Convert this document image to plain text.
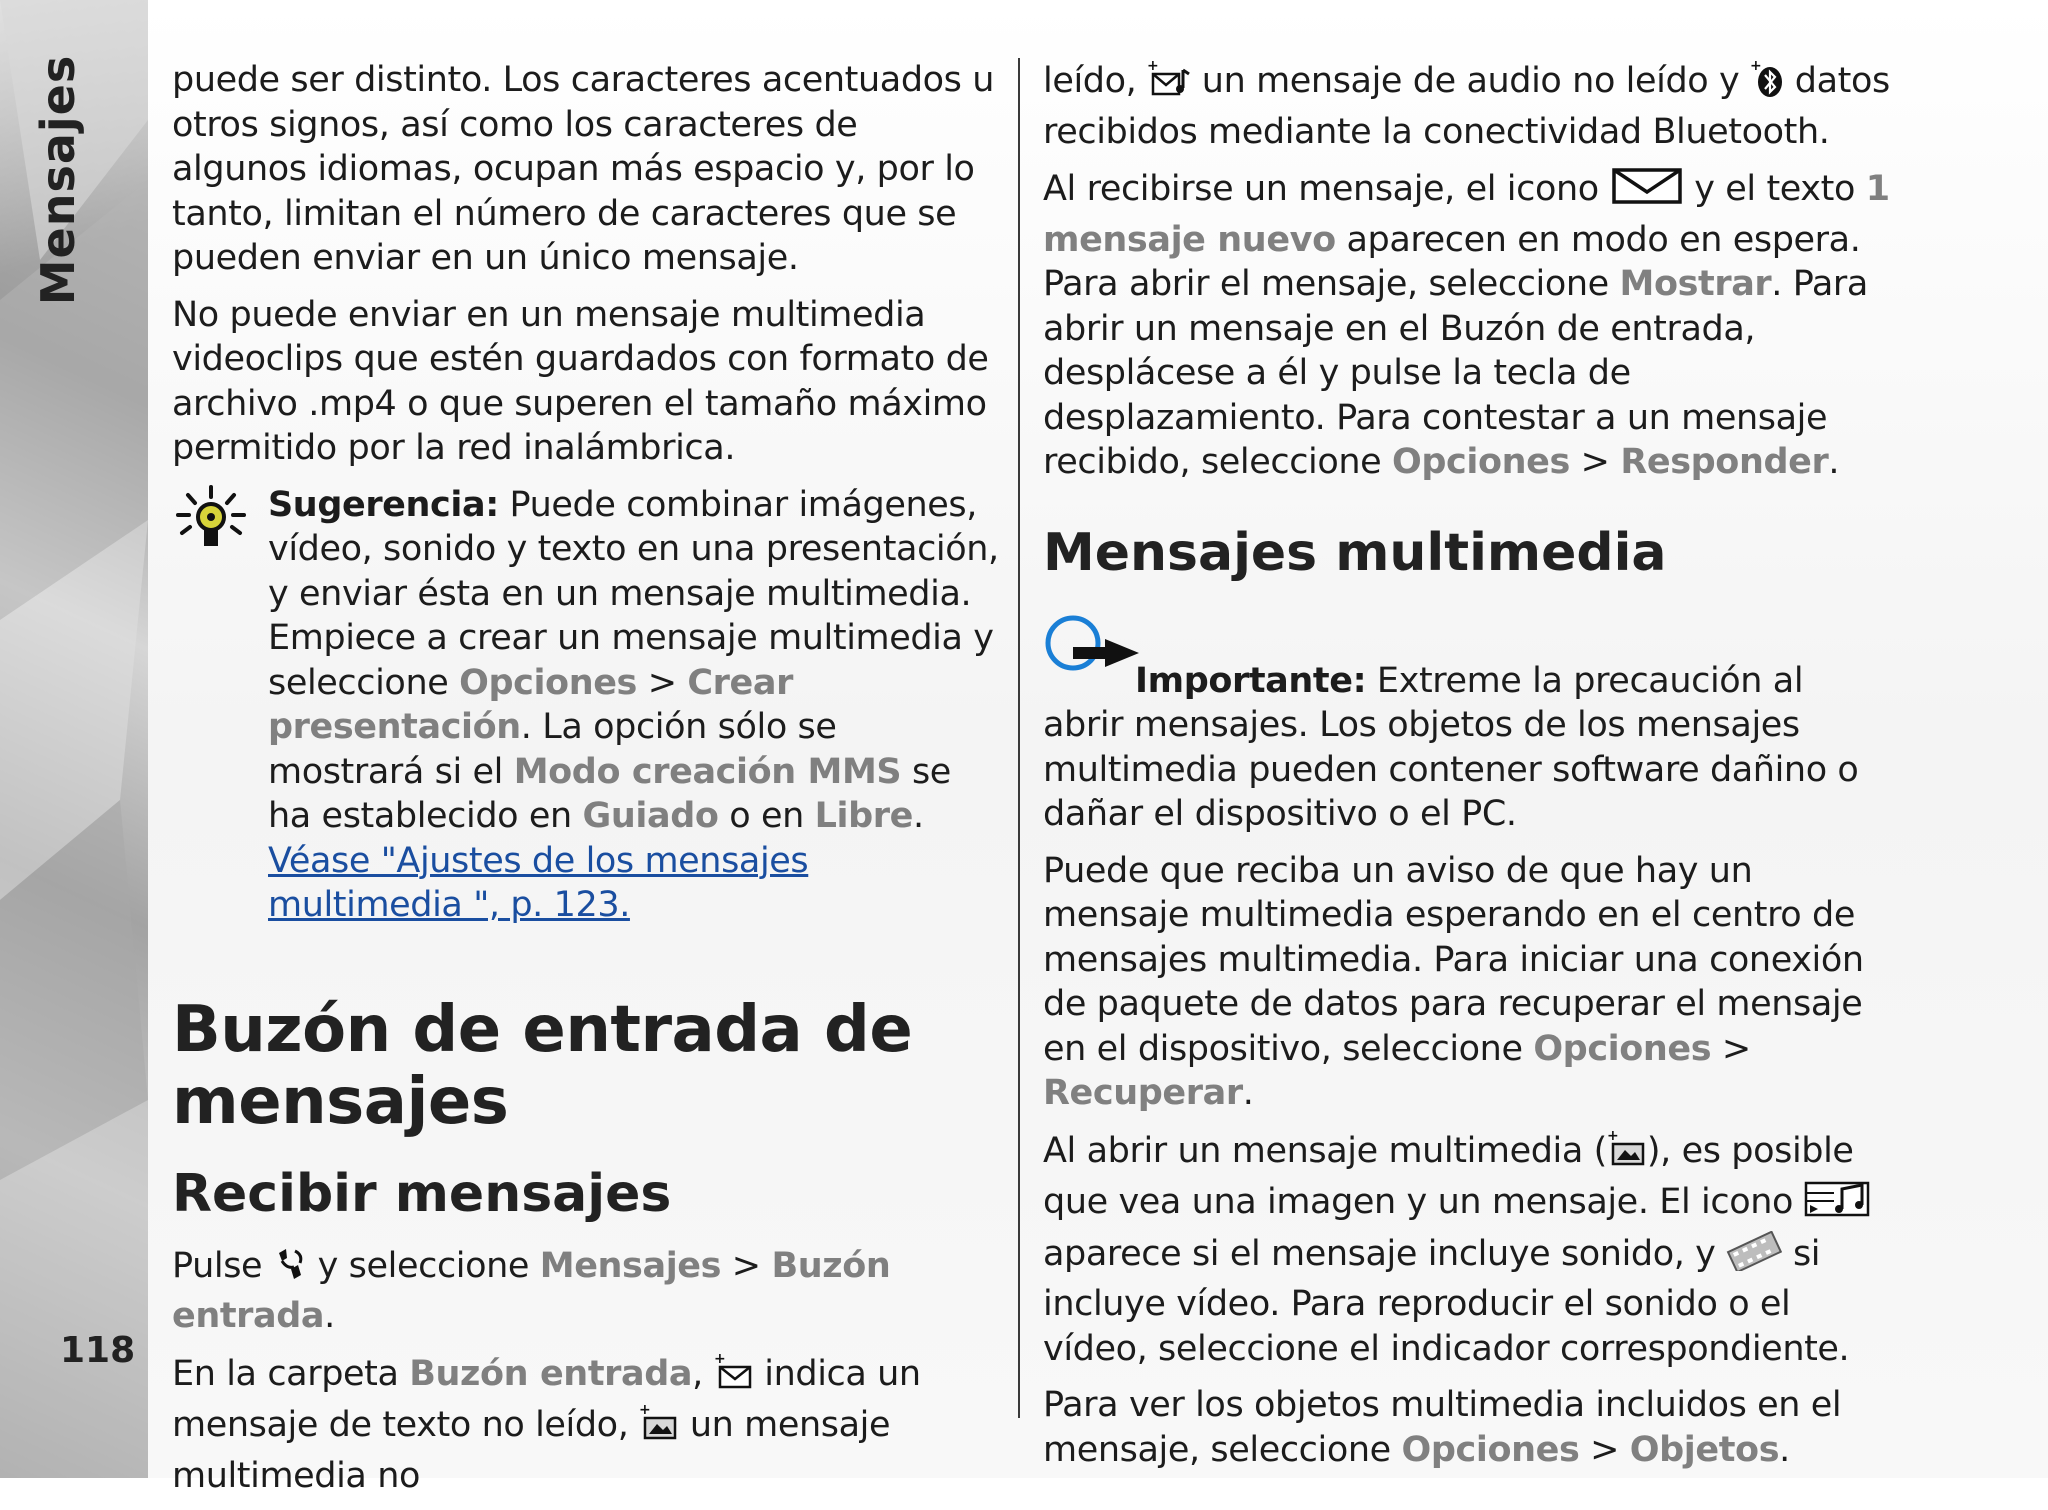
Mensajes
118

puede ser distinto. Los caracteres acentuados u otros signos, así como los caracteres de algunos idiomas, ocupan más espacio y, por lo tanto, limitan el número de caracteres que se pueden enviar en un único mensaje.

No puede enviar en un mensaje multimedia videoclips que estén guardados con formato de archivo .mp4 o que superen el tamaño máximo permitido por la red inalámbrica.

Sugerencia: Puede combinar imágenes, vídeo, sonido y texto en una presentación, y enviar ésta en un mensaje multimedia. Empiece a crear un mensaje multimedia y seleccione Opciones > Crear presentación. La opción sólo se mostrará si el Modo creación MMS se ha establecido en Guiado o en Libre. Véase "Ajustes de los mensajes multimedia ", p. 123.

Buzón de entrada de mensajes
Recibir mensajes

Pulse  y seleccione Mensajes > Buzón entrada.

En la carpeta Buzón entrada, + indica un mensaje de texto no leído, + un mensaje multimedia no

leído, + un mensaje de audio no leído y + datos recibidos mediante la conectividad Bluetooth.

Al recibirse un mensaje, el icono  y el texto 1 mensaje nuevo aparecen en modo en espera. Para abrir el mensaje, seleccione Mostrar. Para abrir un mensaje en el Buzón de entrada, desplácese a él y pulse la tecla de desplazamiento. Para contestar a un mensaje recibido, seleccione Opciones > Responder.

Mensajes multimedia

Importante: Extreme la precaución al abrir mensajes. Los objetos de los mensajes multimedia pueden contener software dañino o dañar el dispositivo o el PC.

Puede que reciba un aviso de que hay un mensaje multimedia esperando en el centro de mensajes multimedia. Para iniciar una conexión de paquete de datos para recuperar el mensaje en el dispositivo, seleccione Opciones > Recuperar.

Al abrir un mensaje multimedia ( + ), es posible que vea una imagen y un mensaje. El icono  aparece si el mensaje incluye sonido, y  si incluye vídeo. Para reproducir el sonido o el vídeo, seleccione el indicador correspondiente.

Para ver los objetos multimedia incluidos en el mensaje, seleccione Opciones > Objetos.
